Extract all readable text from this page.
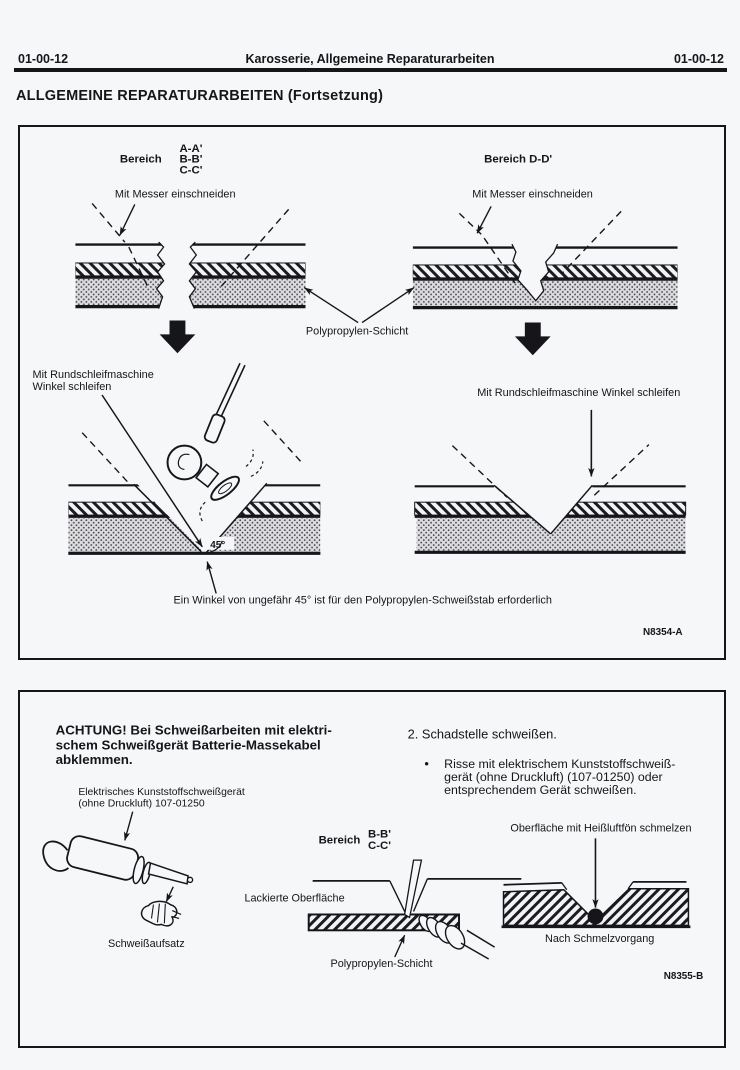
01-00-12	Karosserie, Allgemeine Reparaturarbeiten	01-00-12
ALLGEMEINE REPARATURARBEITEN (Fortsetzung)
Bereich
A-A'
B-B'
C-C'
Bereich D-D'
Mit Messer einschneiden	Mit Messer einschneiden
Polypropylen-Schicht
Mit Rundschleifmaschine
Winkel schleifen	Mit Rundschleifmaschine Winkel schleifen
45°
Ein Winkel von ungefähr 45° ist für den Polypropylen-Schweißstab erforderlich
N8354-A
ACHTUNG! Bei Schweißarbeiten mit elektri-
schem Schweißgerät Batterie-Massekabel
abklemmen.
Elektrisches Kunststoffschweißgerät
(ohne Druckluft) 107-01250
Schweißaufsatz
2. Schadstelle schweißen.
• Risse mit elektrischem Kunststoffschweiß-
gerät (ohne Druckluft) (107-01250) oder
entsprechendem Gerät schweißen.
Bereich B-B'
C-C'
Lackierte Oberfläche
Polypropylen-Schicht
Oberfläche mit Heißluftfön schmelzen
Nach Schmelzvorgang
N8355-B
